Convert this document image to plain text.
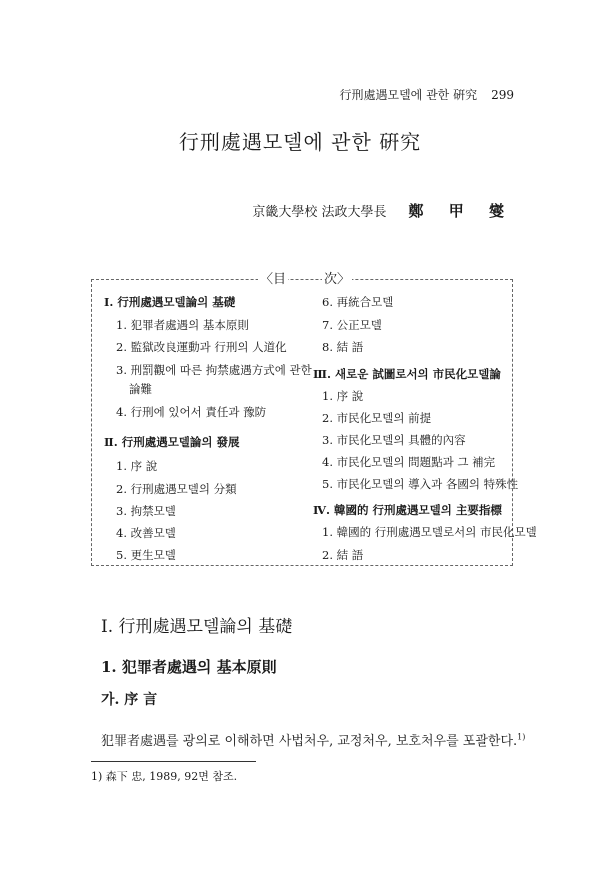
行刑處遇모델에 관한 硏究 299
行刑處遇모델에 관한 硏究
京畿大學校 法政大學長 鄭 甲 燮
〈目	次〉
Ⅰ. 行刑處遇모델論의 基礎
1. 犯罪者處遇의 基本原則
2. 監獄改良運動과 行刑의 人道化
3. 刑罰觀에 따른 拘禁處遇方式에 관한
論難
4. 行刑에 있어서 責任과 豫防
Ⅱ. 行刑處遇모델論의 發展
1. 序 說
2. 行刑處遇모델의 分類
3. 拘禁모델
4. 改善모델
5. 更生모델
6. 再統合모델
7. 公正모델
8. 結 語
Ⅲ. 새로운 試圖로서의 市民化모델論
1. 序 說
2. 市民化모델의 前提
3. 市民化모델의 具體的內容
4. 市民化모델의 問題點과 그 補完
5. 市民化모델의 導入과 各國의 特殊性
Ⅳ. 韓國的 行刑處遇모델의 主要指標
1. 韓國的 行刑處遇모델로서의 市民化모델
2. 結 語
Ⅰ. 行刑處遇모델論의 基礎
1. 犯罪者處遇의 基本原則
가. 序 言
犯罪者處遇를 광의로 이해하면 사법처우, 교정처우, 보호처우를 포괄한다.$^{1)}$
1) 森下 忠, 1989, 92면 참조.
